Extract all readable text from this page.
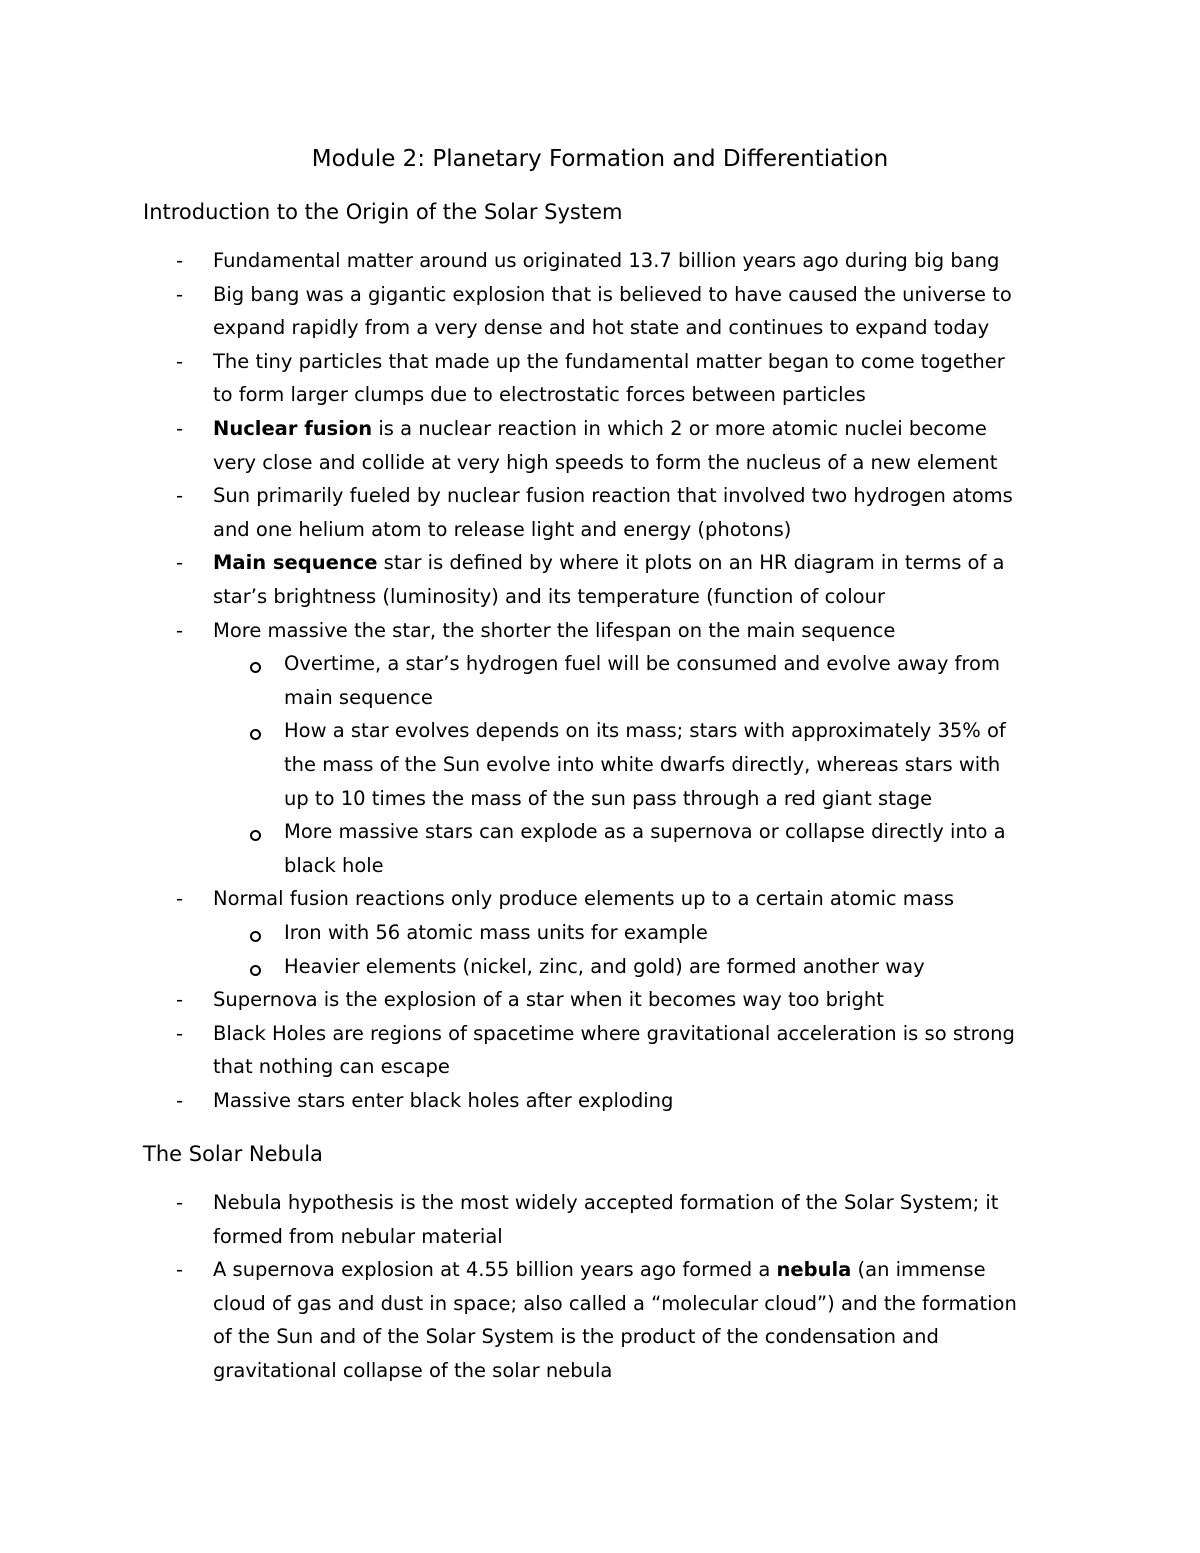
Module 2: Planetary Formation and Differentiation
Introduction to the Origin of the Solar System
- Fundamental matter around us originated 13.7 billion years ago during big bang
- Big bang was a gigantic explosion that is believed to have caused the universe to
expand rapidly from a very dense and hot state and continues to expand today
- The tiny particles that made up the fundamental matter began to come together
to form larger clumps due to electrostatic forces between particles
- Nuclear fusion is a nuclear reaction in which 2 or more atomic nuclei become
very close and collide at very high speeds to form the nucleus of a new element
- Sun primarily fueled by nuclear fusion reaction that involved two hydrogen atoms
and one helium atom to release light and energy (photons)
- Main sequence star is defined by where it plots on an HR diagram in terms of a
star’s brightness (luminosity) and its temperature (function of colour
- More massive the star, the shorter the lifespan on the main sequence
Overtime, a star’s hydrogen fuel will be consumed and evolve away from
main sequence
How a star evolves depends on its mass; stars with approximately 35% of
the mass of the Sun evolve into white dwarfs directly, whereas stars with
up to 10 times the mass of the sun pass through a red giant stage
More massive stars can explode as a supernova or collapse directly into a
black hole
- Normal fusion reactions only produce elements up to a certain atomic mass
Iron with 56 atomic mass units for example
Heavier elements (nickel, zinc, and gold) are formed another way
- Supernova is the explosion of a star when it becomes way too bright
- Black Holes are regions of spacetime where gravitational acceleration is so strong
that nothing can escape
- Massive stars enter black holes after exploding
The Solar Nebula
- Nebula hypothesis is the most widely accepted formation of the Solar System; it
formed from nebular material
- A supernova explosion at 4.55 billion years ago formed a nebula (an immense
cloud of gas and dust in space; also called a “molecular cloud”) and the formation
of the Sun and of the Solar System is the product of the condensation and
gravitational collapse of the solar nebula
